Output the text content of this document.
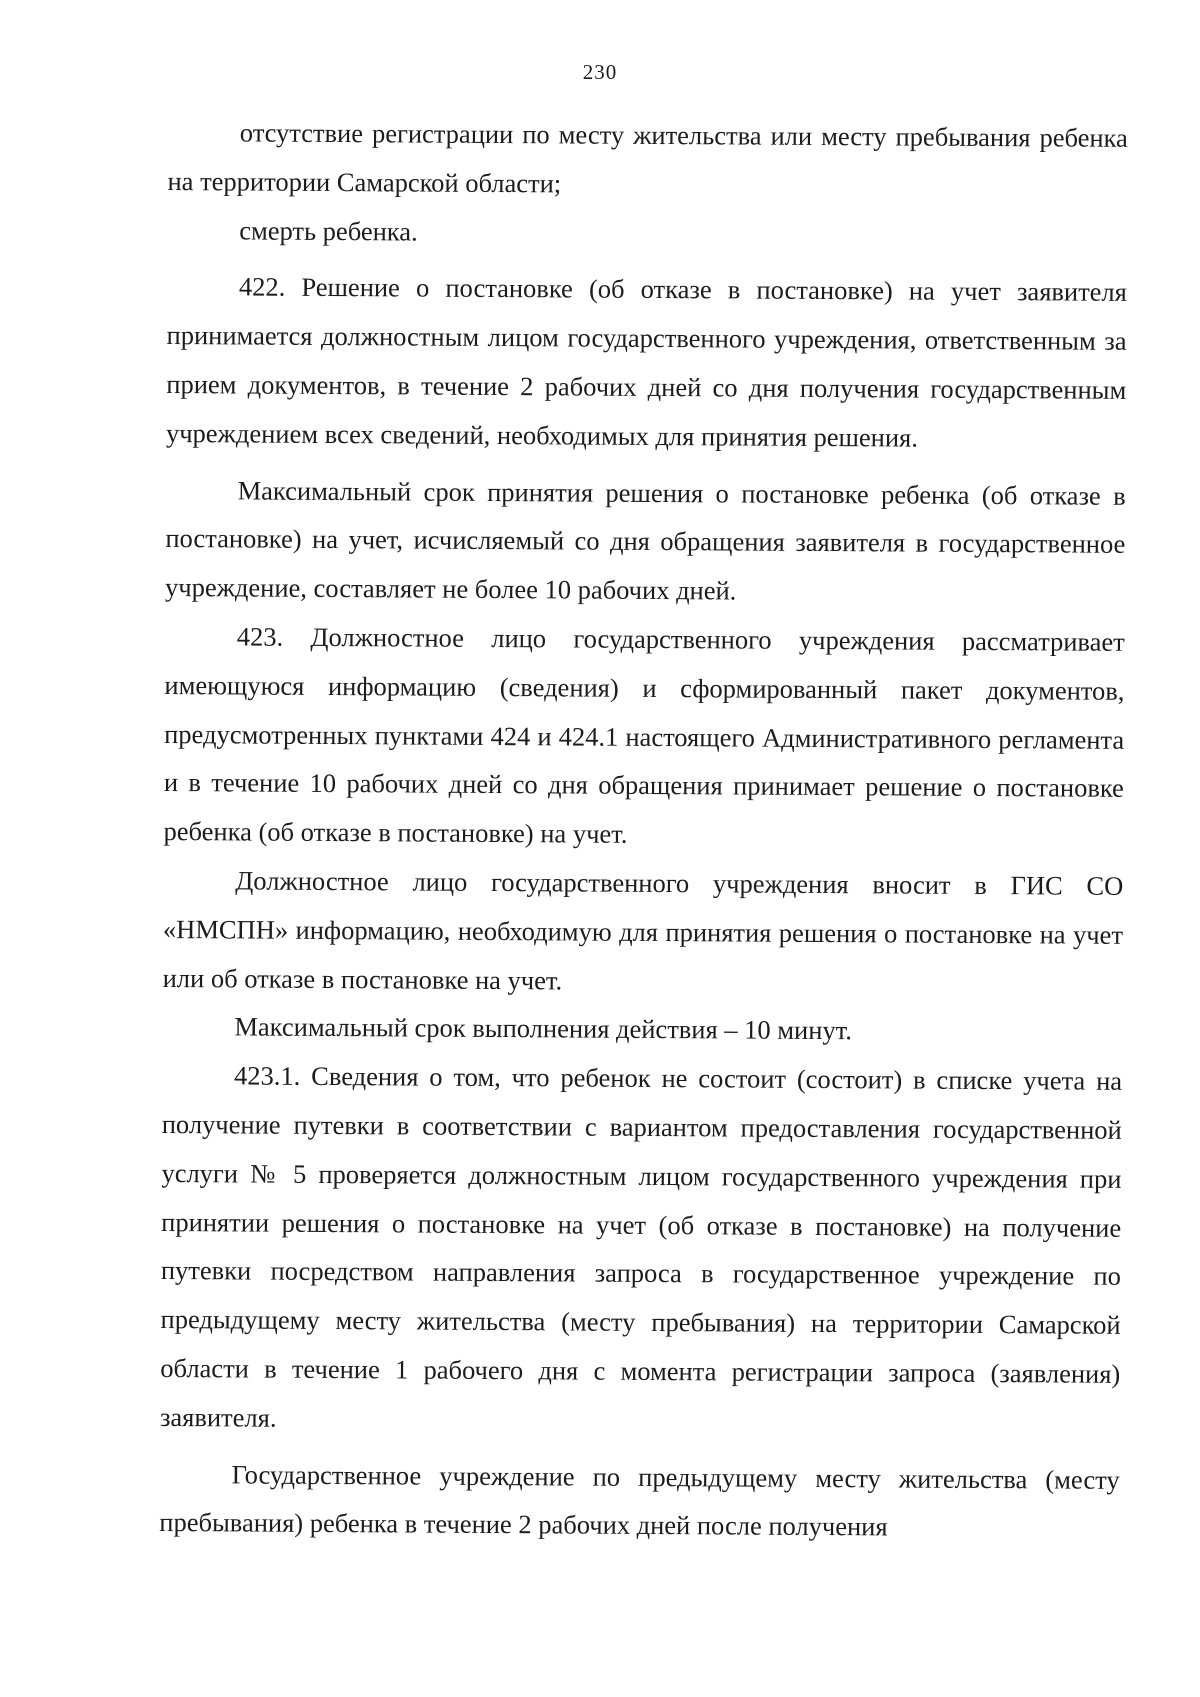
230

отсутствие регистрации по месту жительства или месту пребывания ребенка на территории Самарской области;

смерть ребенка.

422. Решение о постановке (об отказе в постановке) на учет заявителя принимается должностным лицом государственного учреждения, ответственным за прием документов, в течение 2 рабочих дней со дня получения государственным учреждением всех сведений, необходимых для принятия решения.

Максимальный срок принятия решения о постановке ребенка (об отказе в постановке) на учет, исчисляемый со дня обращения заявителя в государственное учреждение, составляет не более 10 рабочих дней.

423. Должностное лицо государственного учреждения рассматривает имеющуюся информацию (сведения) и сформированный пакет документов, предусмотренных пунктами 424 и 424.1 настоящего Административного регламента и в течение 10 рабочих дней со дня обращения принимает решение о постановке ребенка (об отказе в постановке) на учет.

Должностное лицо государственного учреждения вносит в ГИС СО «НМСПН» информацию, необходимую для принятия решения о постановке на учет или об отказе в постановке на учет.

Максимальный срок выполнения действия – 10 минут.

423.1. Сведения о том, что ребенок не состоит (состоит) в списке учета на получение путевки в соответствии с вариантом предоставления государственной услуги № 5 проверяется должностным лицом государственного учреждения при принятии решения о постановке на учет (об отказе в постановке) на получение путевки посредством направления запроса в государственное учреждение по предыдущему месту жительства (месту пребывания) на территории Самарской области в течение 1 рабочего дня с момента регистрации запроса (заявления) заявителя.

Государственное учреждение по предыдущему месту жительства (месту пребывания) ребенка в течение 2 рабочих дней после получения
